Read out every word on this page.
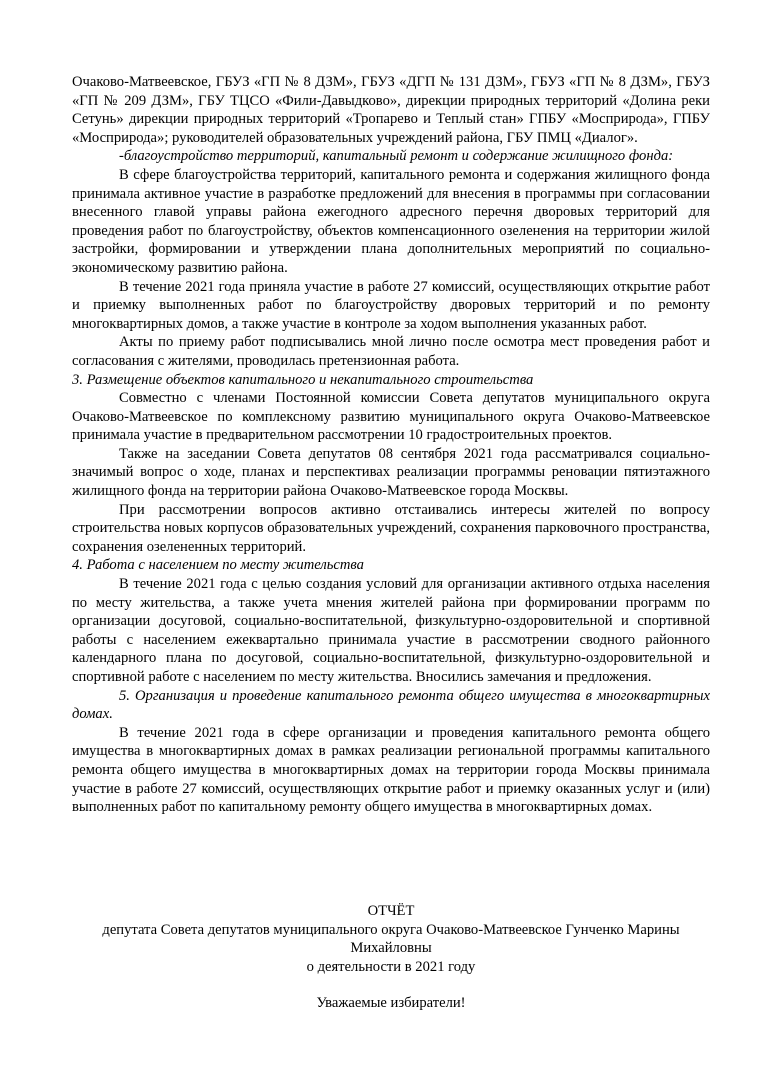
Очаково-Матвеевское, ГБУЗ «ГП № 8 ДЗМ», ГБУЗ «ДГП № 131 ДЗМ», ГБУЗ «ГП № 8 ДЗМ», ГБУЗ «ГП № 209 ДЗМ», ГБУ ТЦСО «Фили-Давыдково», дирекции природных территорий «Долина реки Сетунь» дирекции природных территорий «Тропарево и Теплый стан» ГПБУ «Мосприрода», ГПБУ «Мосприрода»; руководителей образовательных учреждений района, ГБУ ПМЦ «Диалог».

-благоустройство территорий, капитальный ремонт и содержание жилищного фонда:

В сфере благоустройства территорий, капитального ремонта и содержания жилищного фонда принимала активное участие в разработке предложений для внесения в программы при согласовании внесенного главой управы района ежегодного адресного перечня дворовых территорий для проведения работ по благоустройству, объектов компенсационного озеленения на территории жилой застройки, формировании и утверждении плана дополнительных мероприятий по социально-экономическому развитию района.

В течение 2021 года приняла участие в работе 27 комиссий, осуществляющих открытие работ и приемку выполненных работ по благоустройству дворовых территорий и по ремонту многоквартирных домов, а также участие в контроле за ходом выполнения указанных работ.

Акты по приему работ подписывались мной лично после осмотра мест проведения работ и согласования с жителями, проводилась претензионная работа.

3. Размещение объектов капитального и некапитального строительства

Совместно с членами Постоянной комиссии Совета депутатов муниципального округа Очаково-Матвеевское по комплексному развитию муниципального округа Очаково-Матвеевское принимала участие в предварительном рассмотрении 10 градостроительных проектов.

Также на заседании Совета депутатов 08 сентября 2021 года рассматривался социально-значимый вопрос о ходе, планах и перспективах реализации программы реновации пятиэтажного жилищного фонда на территории района Очаково-Матвеевское города Москвы.

При рассмотрении вопросов активно отстаивались интересы жителей по вопросу строительства новых корпусов образовательных учреждений, сохранения парковочного пространства, сохранения озелененных территорий.

4. Работа с населением по месту жительства

В течение 2021 года с целью создания условий для организации активного отдыха населения по месту жительства, а также учета мнения жителей района при формировании программ по организации досуговой, социально-воспитательной, физкультурно-оздоровительной и спортивной работы с населением ежеквартально принимала участие в рассмотрении сводного районного календарного плана по досуговой, социально-воспитательной, физкультурно-оздоровительной и спортивной работе с населением по месту жительства. Вносились замечания и предложения.

5. Организация и проведение капитального ремонта общего имущества в многоквартирных домах.

В течение 2021 года в сфере организации и проведения капитального ремонта общего имущества в многоквартирных домах в рамках реализации региональной программы капитального ремонта общего имущества в многоквартирных домах на территории города Москвы принимала участие в работе 27 комиссий, осуществляющих открытие работ и приемку оказанных услуг и (или) выполненных работ по капитальному ремонту общего имущества в многоквартирных домах.

ОТЧЁТ

депутата Совета депутатов муниципального округа Очаково-Матвеевское Гунченко Марины Михайловны

о деятельности в 2021 году

Уважаемые избиратели!
